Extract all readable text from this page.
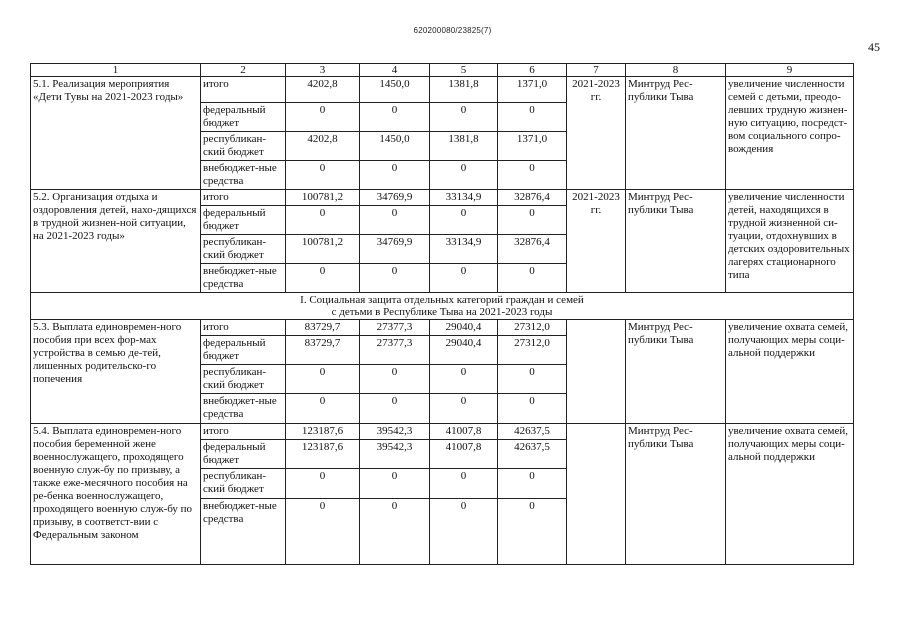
620200080/23825(7)
45
1	2	3	4	5	6	7	8	9
5.1. Реализация мероприятия «Дети Тувы на 2021-2023 годы»	итого	4202,8	1450,0	1381,8	1371,0	2021-2023 гг.	Минтруд Рес-публики Тыва	увеличение численности семей с детьми, преодо-левших трудную жизнен-ную ситуацию, посредст-вом социального сопро-вождения
	федеральный бюджет	0	0	0	0			
	республикан-ский бюджет	4202,8	1450,0	1381,8	1371,0			
	внебюджет-ные средства	0	0	0	0			
5.2. Организация отдыха и оздоровления детей, нахо-дящихся в трудной жизнен-ной ситуации, на 2021-2023 годы»	итого	100781,2	34769,9	33134,9	32876,4	2021-2023 гг.	Минтруд Рес-публики Тыва	увеличение численности детей, находящихся в трудной жизненной си-туации, отдохнувших в детских оздоровительных лагерях стационарного типа
	федеральный бюджет	0	0	0	0			
	республикан-ский бюджет	100781,2	34769,9	33134,9	32876,4			
	внебюджет-ные средства	0	0	0	0			

I. Социальная защита отдельных категорий граждан и семей
с детьми в Республике Тыва на 2021-2023 годы								

5.3. Выплата единовремен-ного пособия при всех фор-мах устройства в семью де-тей, лишенных родительско-го попечения	итого	83729,7	27377,3	29040,4	27312,0		Минтруд Рес-публики Тыва	увеличение охвата семей, получающих меры соци-альной поддержки
	федеральный бюджет	83729,7	27377,3	29040,4	27312,0			
	республикан-ский бюджет	0	0	0	0			
	внебюджет-ные средства	0	0	0	0			
5.4. Выплата единовремен-ного пособия беременной жене военнослужащего, проходящего военную служ-бу по призыву, а также еже-месячного пособия на ре-бенка военнослужащего, проходящего военную служ-бу по призыву, в соответст-вии с Федеральным законом	итого	123187,6	39542,3	41007,8	42637,5		Минтруд Рес-публики Тыва	увеличение охвата семей, получающих меры соци-альной поддержки
	федеральный бюджет	123187,6	39542,3	41007,8	42637,5			
	республикан-ский бюджет	0	0	0	0			
	внебюджет-ные средства	0	0	0	0			
